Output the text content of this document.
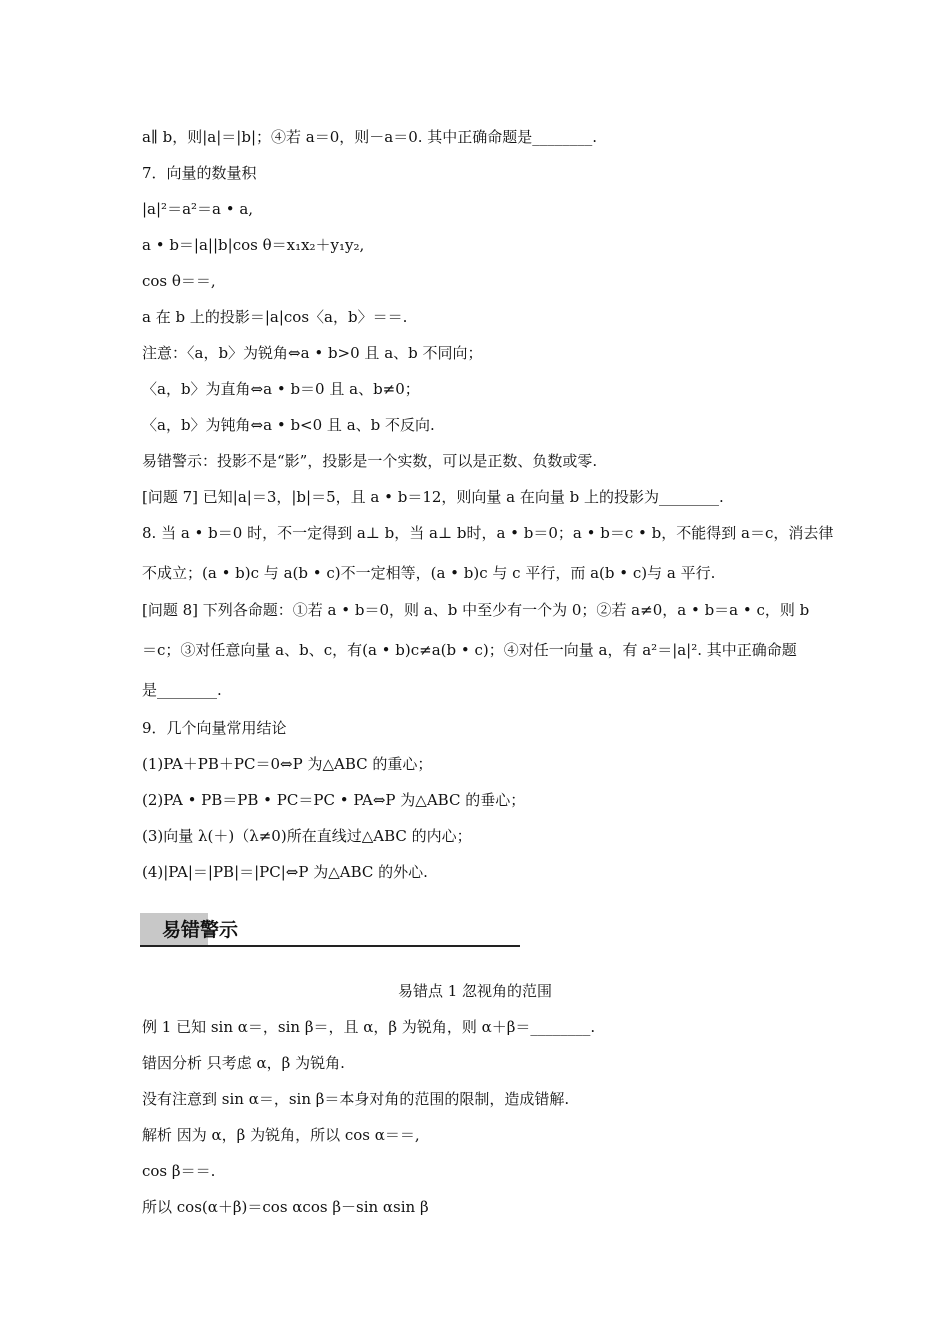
a∥ b，则|a|＝|b|；④若 a＝0，则－a＝0. 其中正确命题是________.

7．向量的数量积

|a|²＝a²＝a • a,

a • b＝|a||b|cos θ＝x₁x₂＋y₁y₂,

cos θ＝＝,

a 在 b 上的投影＝|a|cos〈a，b〉＝＝.

注意：〈a，b〉为锐角⇔a • b>0 且 a、b 不同向；

〈a，b〉为直角⇔a • b＝0 且 a、b≠0；

〈a，b〉为钝角⇔a • b<0 且 a、b 不反向.

易错警示：投影不是“影”，投影是一个实数，可以是正数、负数或零.

[问题 7] 已知|a|＝3，|b|＝5，且 a • b＝12，则向量 a 在向量 b 上的投影为________.

8. 当 a • b＝0 时，不一定得到 a⊥ b，当 a⊥ b时，a • b＝0；a • b＝c • b，不能得到 a＝c，消去律

不成立；(a • b)c 与 a(b • c)不一定相等，(a • b)c 与 c 平行，而 a(b • c)与 a 平行.

[问题 8] 下列各命题：①若 a • b＝0，则 a、b 中至少有一个为 0；②若 a≠0，a • b＝a • c，则 b

＝c；③对任意向量 a、b、c，有(a • b)c≠a(b • c)；④对任一向量 a，有 a²＝|a|². 其中正确命题

是________.

9．几个向量常用结论

(1)PA＋PB＋PC＝0⇔P 为△ABC 的重心；

(2)PA • PB＝PB • PC＝PC • PA⇔P 为△ABC 的垂心；

(3)向量 λ(＋)（λ≠0)所在直线过△ABC 的内心；

(4)|PA|＝|PB|＝|PC|⇔P 为△ABC 的外心.

易错警示

易错点 1 忽视角的范围

例 1 已知 sin α＝，sin β＝，且 α，β 为锐角，则 α＋β＝________.

错因分析 只考虑 α，β 为锐角.

没有注意到 sin α＝，sin β＝本身对角的范围的限制，造成错解.

解析 因为 α，β 为锐角，所以 cos α＝＝,

cos β＝＝.

所以 cos(α＋β)＝cos αcos β－sin αsin β
